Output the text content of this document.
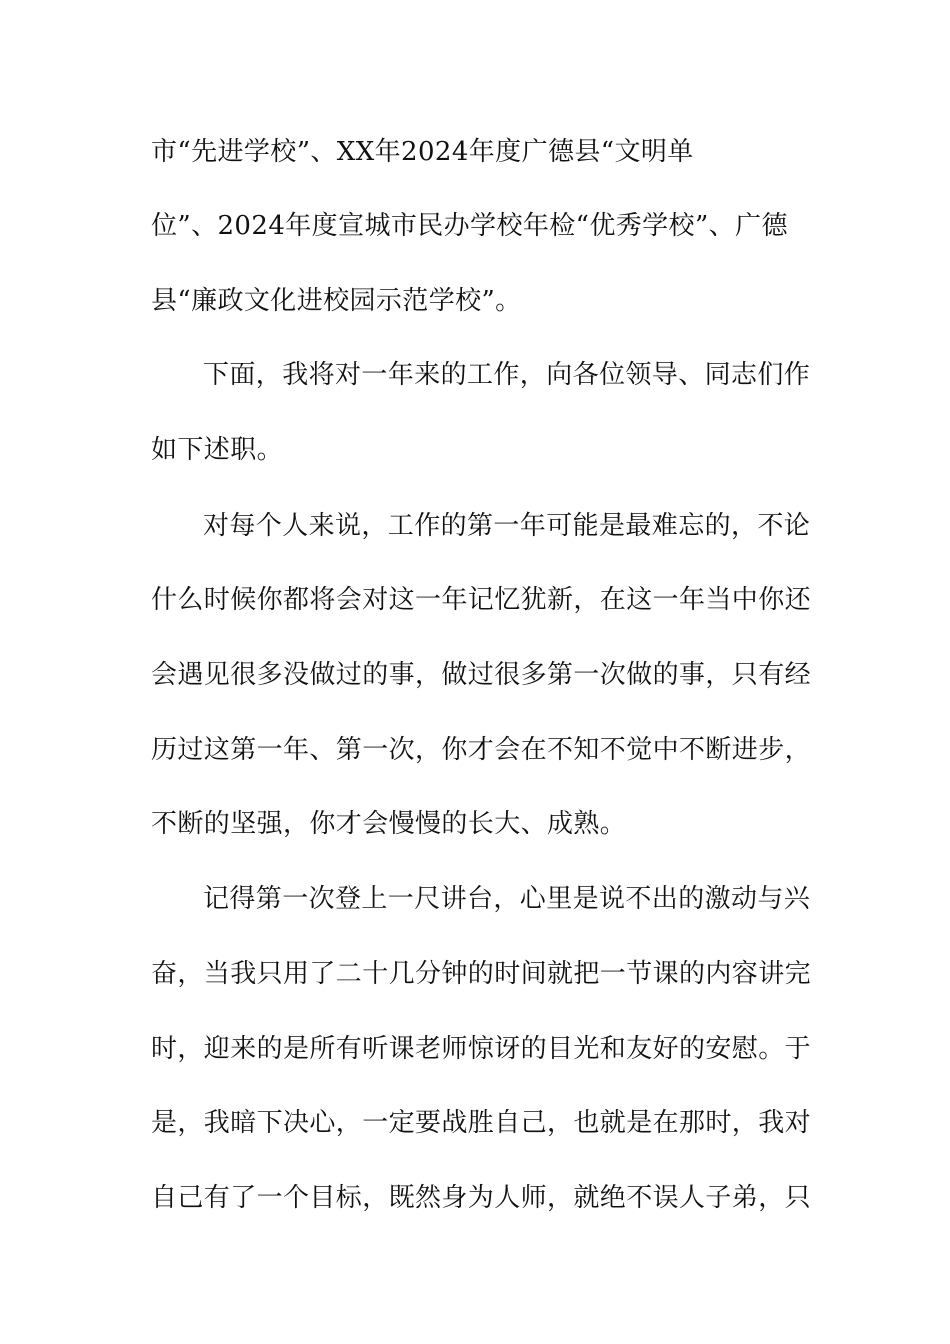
市“先进学校”、XX年2024年度广德县“文明单
位”、2024年度宣城市民办学校年检“优秀学校”、广德
县“廉政文化进校园示范学校”。
下面，我将对一年来的工作，向各位领导、同志们作
如下述职。
对每个人来说，工作的第一年可能是最难忘的，不论
什么时候你都将会对这一年记忆犹新，在这一年当中你还
会遇见很多没做过的事，做过很多第一次做的事，只有经
历过这第一年、第一次，你才会在不知不觉中不断进步，
不断的坚强，你才会慢慢的长大、成熟。
记得第一次登上一尺讲台，心里是说不出的激动与兴
奋，当我只用了二十几分钟的时间就把一节课的内容讲完
时，迎来的是所有听课老师惊讶的目光和友好的安慰。于
是，我暗下决心，一定要战胜自己，也就是在那时，我对
自己有了一个目标，既然身为人师，就绝不误人子弟，只
